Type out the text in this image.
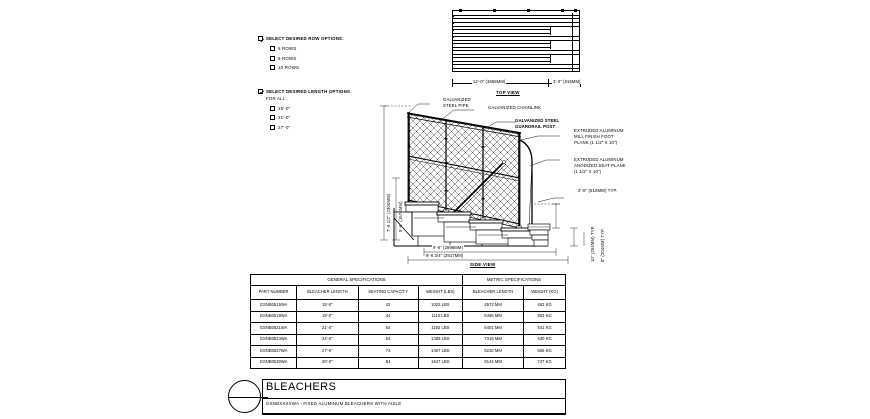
SELECT DESIRED ROW OPTIONS:
5 ROWS
8 ROWS
10 ROWS
SELECT DESIRED LENGTH OPTIONS
FOR ALL:
15'-0"
21'-0"
27'-0"
12'-0" (3658MM)	3'-0" (915MM)
TOP VIEW
GALVANIZED
STEEL PIPE	GALVANIZED CHAINLINK
GALVANIZED STEEL
GUARDRAIL POST
EXTRUDED ALUMINUM
MILL FINISH FOOT
PLANK (1 1/2" X 10")
EXTRUDED ALUMINUM
ANODIZED SEAT PLANK
(1 1/2" X 10")
2'-0" (610MM) TYP.
7'-6 1/2" (2300MM) 5'-6" (1676MM)
8" (204MM) TYP.
10" (254MM) TYP.
9'-6" (2896MM)
9'-6 3/4" (2917MM)
SIDE VIEW
GENERAL SPECIFICATIONS				METRIC SPECIFICATIONS	
PART NUMBER	BLEACHER LENGTH	SEATING CAPACITY	WEIGHT (LBS)	BLEACHER LENGTH	WEIGHT (KG)
GSNB0515WA	15'-0"	42	1022 LBS	4572 MM	463 KG
GSNB0518WA	18'-0"	44	1110 LBS	5486 MM	503 KG
GSNB0521WA	21'-0"	54	1192 LBS	6401 MM	541 KG
GSNB0524WA	24'-0"	54	1389 LBS	7315 MM	630 KG
GSNB0527WA	27'-0"	74	1467 LBS	8230 MM	665 KG
GSNB0530WA	30'-0"	84	1647 LBS	9144 MM	747 KG
BLEACHERS
GSNBXXXXWA - FIXED ALUMINUM BLEACHERS WITH AISLE
